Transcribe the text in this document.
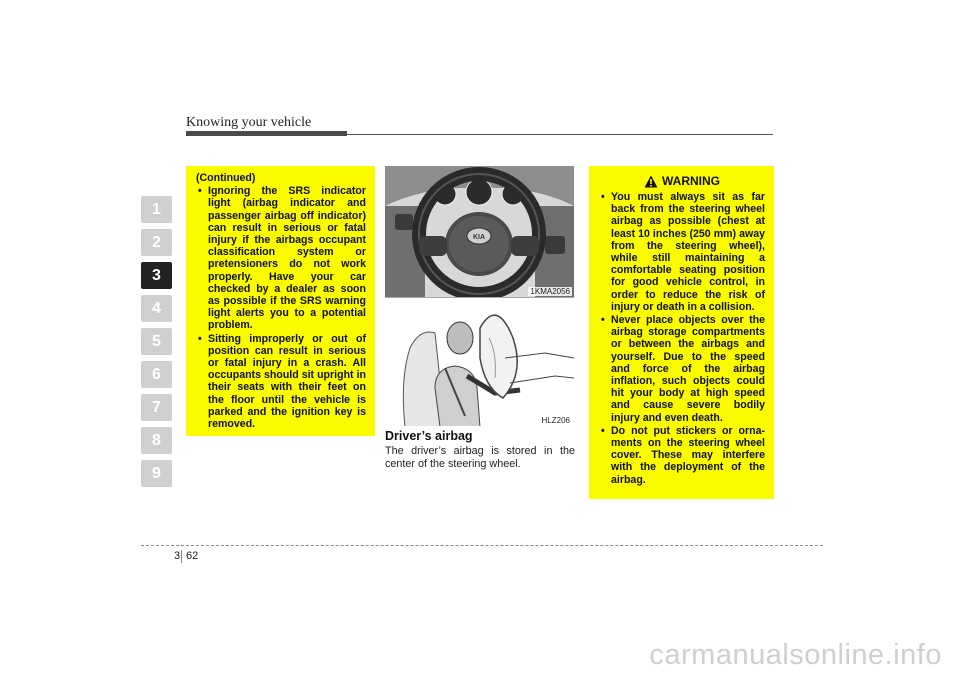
Knowing your vehicle
1
2
3
4
5
6
7
8
9
(Continued)
• Ignoring the SRS indicator light (airbag indicator and passenger airbag off indicator) can result in serious or fatal injury if the airbags occupant classification system or pretensioners do not work properly. Have your car checked by a dealer as soon as possible if the SRS warning light alerts you to a potential problem.
• Sitting improperly or out of position can result in serious or fatal injury in a crash. All occupants should sit upright in their seats with their feet on the floor until the vehicle is parked and the ignition key is removed.
KIA
1KMA2056
HLZ206
Driver’s airbag
The driver’s airbag is stored in the center of the steering wheel.
WARNING
• You must always sit as far back from the steering wheel airbag as possible (chest at least 10 inches (250 mm) away from the steering wheel), while still maintaining a comfortable seating position for good vehicle control, in order to reduce the risk of injury or death in a collision.
• Never place objects over the airbag storage compartments or between the airbags and yourself. Due to the speed and force of the airbag inflation, such objects could hit your body at high speed and cause severe bodily injury and even death.
• Do not put stickers or ornaments on the steering wheel cover. These may interfere with the deployment of the airbag.
3 62
carmanualsonline.info
